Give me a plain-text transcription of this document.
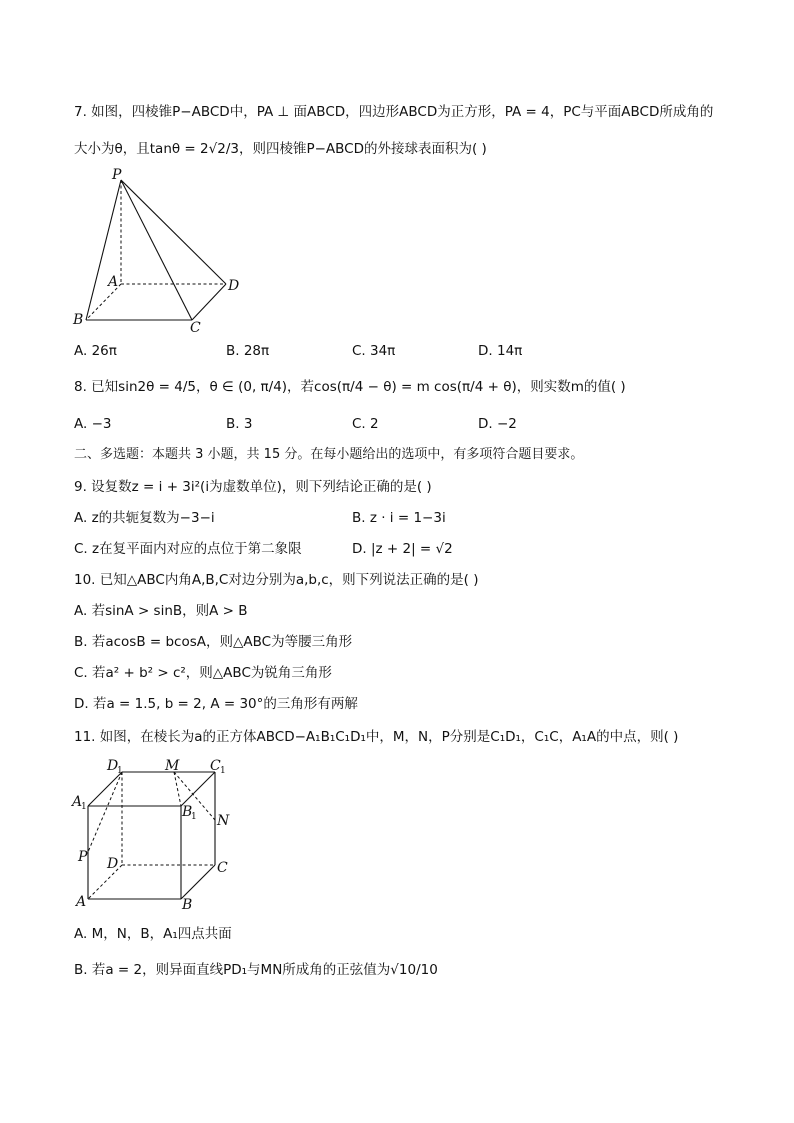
7. 如图，四棱锥P−ABCD中，PA ⊥ 面ABCD，四边形ABCD为正方形，PA = 4，PC与平面ABCD所成角的
大小为θ，且tanθ = 2√2/3，则四棱锥P−ABCD的外接球表面积为( )
P
A	D
B	C
A. 26π	B. 28π	C. 34π	D. 14π
8. 已知sin2θ = 4/5，θ ∈ (0, π/4)，若cos(π/4 − θ) = m cos(π/4 + θ)，则实数m的值( )
A. −3	B. 3	C. 2	D. −2
二、多选题：本题共 3 小题，共 15 分。在每小题给出的选项中，有多项符合题目要求。
9. 设复数z = i + 3i²(i为虚数单位)，则下列结论正确的是( )
A. z的共轭复数为−3−i	B. z · i = 1−3i
C. z在复平面内对应的点位于第二象限	D. |z + 2| = √2
10. 已知△ABC内角A,B,C对边分别为a,b,c，则下列说法正确的是( )
A. 若sinA > sinB，则A > B
B. 若acosB = bcosA，则△ABC为等腰三角形
C. 若a² + b² > c²，则△ABC为锐角三角形
D. 若a = 1.5, b = 2, A = 30°的三角形有两解
11. 如图，在棱长为a的正方体ABCD−A₁B₁C₁D₁中，M，N，P分别是C₁D₁，C₁C，A₁A的中点，则( )
D
1	M C 1
A
1	B
1 N
P D	C
A	B
A. M，N，B，A₁四点共面
B. 若a = 2，则异面直线PD₁与MN所成角的正弦值为√10/10
